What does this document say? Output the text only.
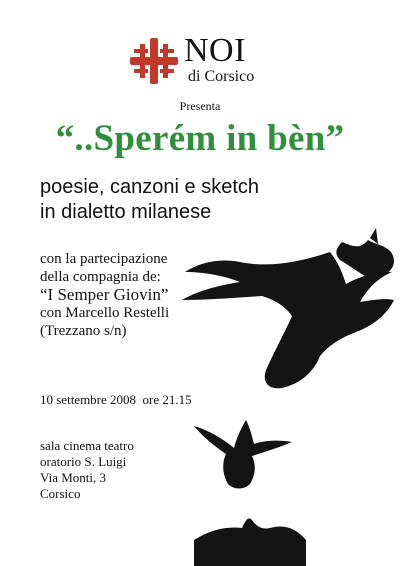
NOI
di Corsico
Presenta
“..Sperém in bèn”
poesie, canzoni e sketch
in dialetto milanese
con la partecipazione
della compagnia de:
“I Semper Giovin”
con Marcello Restelli
(Trezzano s/n)
10 settembre 2008  ore 21.15
sala cinema teatro
oratorio S. Luigi
Via Monti, 3
Corsico
